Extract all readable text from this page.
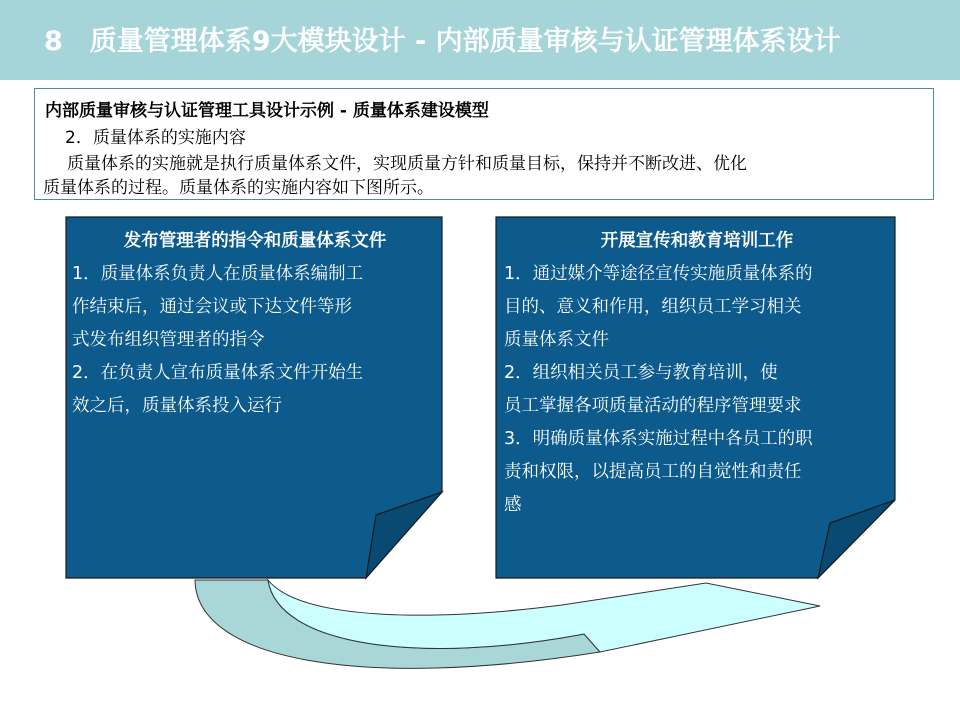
8　质量管理体系9大模块设计 - 内部质量审核与认证管理体系设计
内部质量审核与认证管理工具设计示例 - 质量体系建设模型
2．质量体系的实施内容
质量体系的实施就是执行质量体系文件，实现质量方针和质量目标，保持并不断改进、优化
质量体系的过程。质量体系的实施内容如下图所示。
发布管理者的指令和质量体系文件
1．质量体系负责人在质量体系编制工
作结束后，通过会议或下达文件等形
式发布组织管理者的指令
2．在负责人宣布质量体系文件开始生
效之后，质量体系投入运行
开展宣传和教育培训工作
1．通过媒介等途径宣传实施质量体系的
目的、意义和作用，组织员工学习相关
质量体系文件
2．组织相关员工参与教育培训，使
员工掌握各项质量活动的程序管理要求
3．明确质量体系实施过程中各员工的职
责和权限，以提高员工的自觉性和责任
感
